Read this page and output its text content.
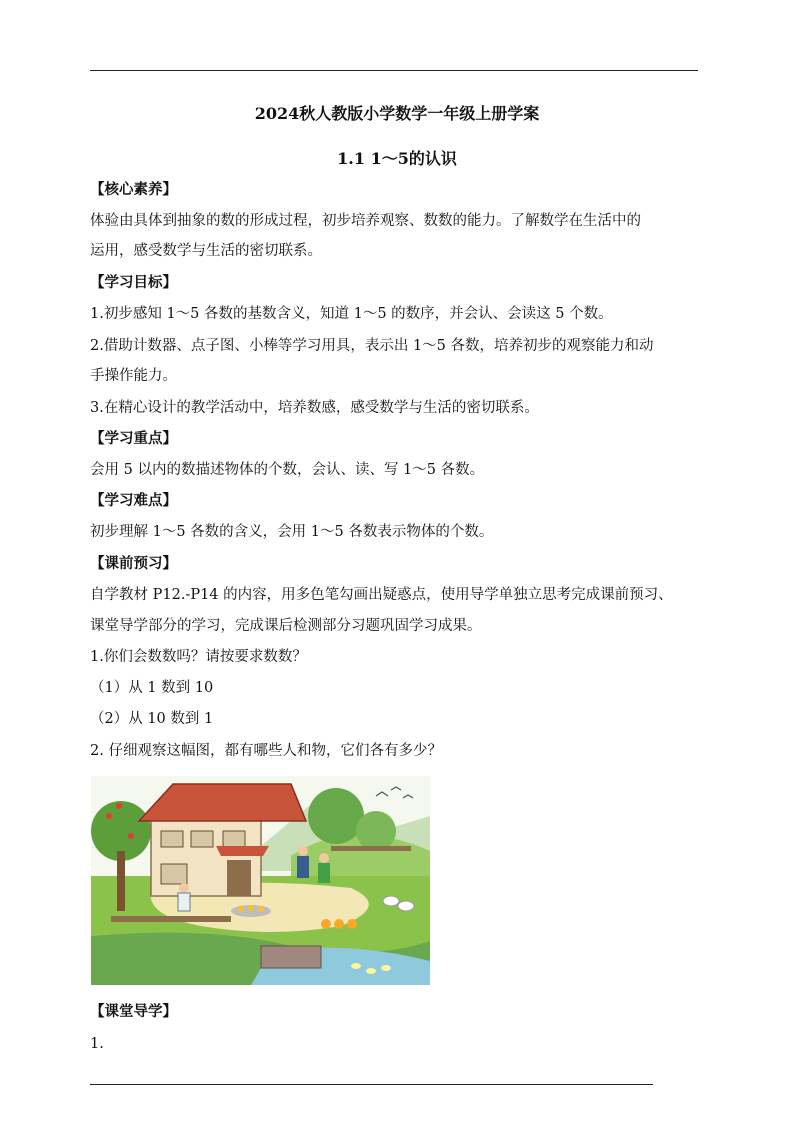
2024秋人教版小学数学一年级上册学案
1.1 1～5的认识
【核心素养】
体验由具体到抽象的数的形成过程，初步培养观察、数数的能力。了解数学在生活中的
运用，感受数学与生活的密切联系。
【学习目标】
1.初步感知 1～5 各数的基数含义，知道 1～5 的数序，并会认、会读这 5 个数。
2.借助计数器、点子图、小棒等学习用具，表示出 1～5 各数，培养初步的观察能力和动
手操作能力。
3.在精心设计的教学活动中，培养数感，感受数学与生活的密切联系。
【学习重点】
会用 5 以内的数描述物体的个数，会认、读、写 1～5 各数。
【学习难点】
初步理解 1～5 各数的含义，会用 1～5 各数表示物体的个数。
【课前预习】
自学教材 P12.-P14 的内容，用多色笔勾画出疑惑点，使用导学单独立思考完成课前预习、
课堂导学部分的学习，完成课后检测部分习题巩固学习成果。
1.你们会数数吗？请按要求数数？
（1）从 1 数到 10
（2）从 10 数到 1
2. 仔细观察这幅图，都有哪些人和物，它们各有多少？
【课堂导学】
1.
